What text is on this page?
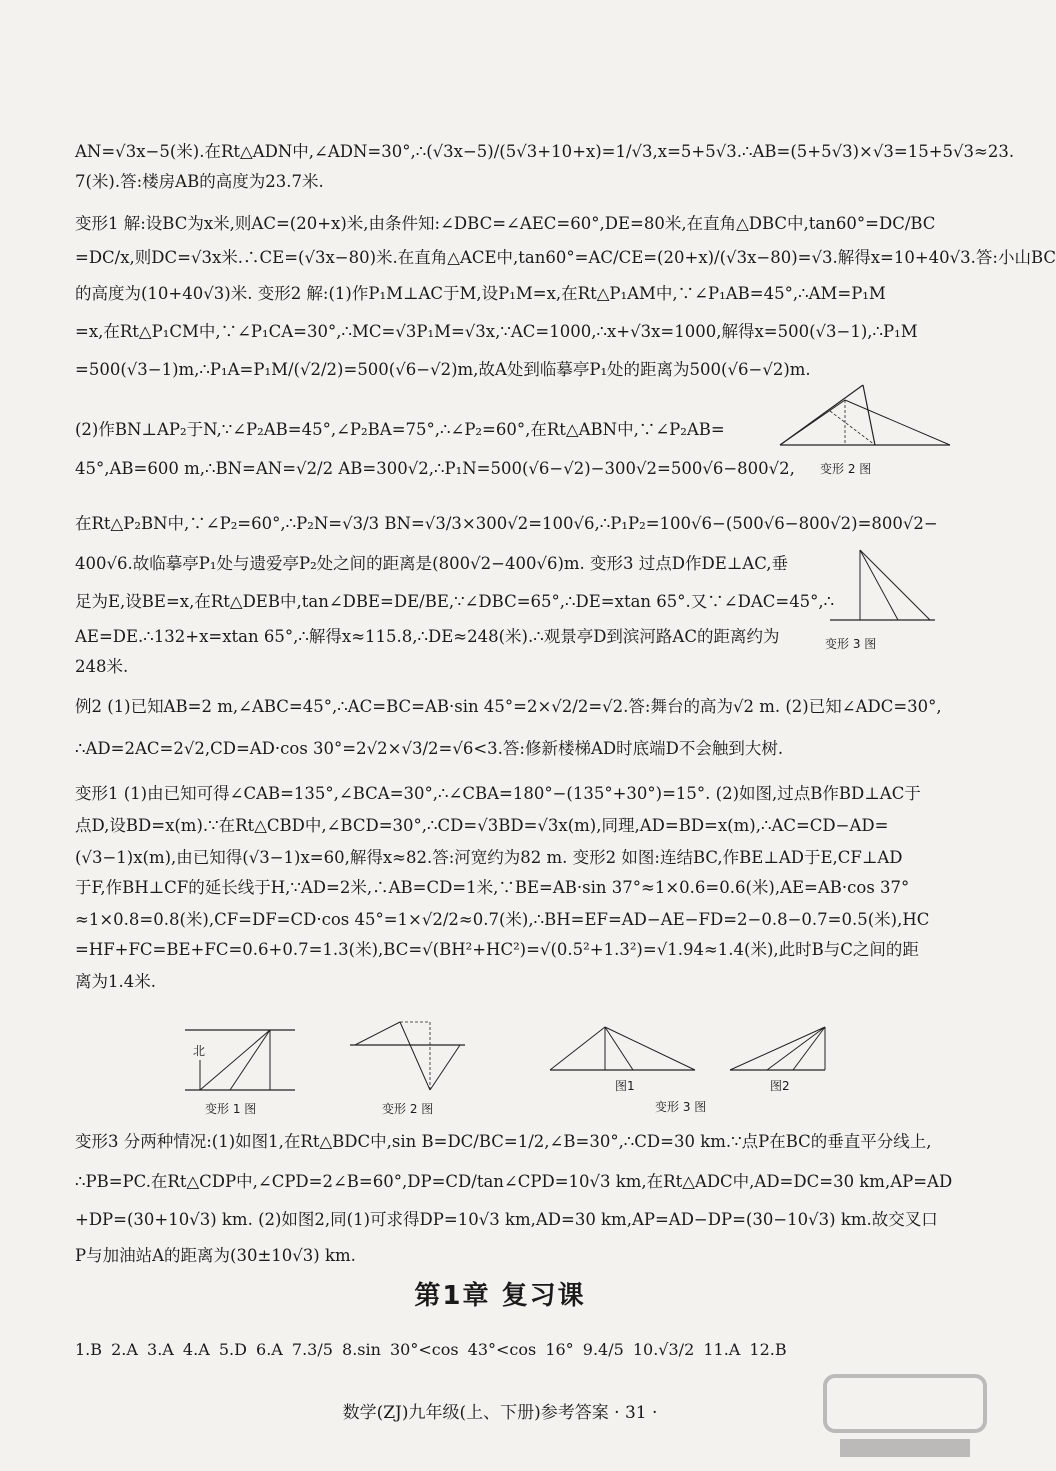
AN=√3x−5(米).在Rt△ADN中,∠ADN=30°,∴(√3x−5)/(5√3+10+x)=1/√3,x=5+5√3.∴AB=(5+5√3)×√3=15+5√3≈23.
7(米).答:楼房AB的高度为23.7米.
变形1 解:设BC为x米,则AC=(20+x)米,由条件知:∠DBC=∠AEC=60°,DE=80米,在直角△DBC中,tan60°=DC/BC
=DC/x,则DC=√3x米.∴CE=(√3x−80)米.在直角△ACE中,tan60°=AC/CE=(20+x)/(√3x−80)=√3.解得x=10+40√3.答:小山BC
的高度为(10+40√3)米. 变形2 解:(1)作P₁M⊥AC于M,设P₁M=x,在Rt△P₁AM中,∵∠P₁AB=45°,∴AM=P₁M
=x,在Rt△P₁CM中,∵∠P₁CA=30°,∴MC=√3P₁M=√3x,∵AC=1000,∴x+√3x=1000,解得x=500(√3−1),∴P₁M
=500(√3−1)m,∴P₁A=P₁M/(√2/2)=500(√6−√2)m,故A处到临摹亭P₁处的距离为500(√6−√2)m.
(2)作BN⊥AP₂于N,∵∠P₂AB=45°,∠P₂BA=75°,∴∠P₂=60°,在Rt△ABN中,∵∠P₂AB=
45°,AB=600 m,∴BN=AN=√2/2 AB=300√2,∴P₁N=500(√6−√2)−300√2=500√6−800√2,
在Rt△P₂BN中,∵∠P₂=60°,∴P₂N=√3/3 BN=√3/3×300√2=100√6,∴P₁P₂=100√6−(500√6−800√2)=800√2−
400√6.故临摹亭P₁处与遗爱亭P₂处之间的距离是(800√2−400√6)m. 变形3 过点D作DE⊥AC,垂
足为E,设BE=x,在Rt△DEB中,tan∠DBE=DE/BE,∵∠DBC=65°,∴DE=xtan 65°.又∵∠DAC=45°,∴
AE=DE.∴132+x=xtan 65°,∴解得x≈115.8,∴DE≈248(米).∴观景亭D到滨河路AC的距离约为
248米.
例2 (1)已知AB=2 m,∠ABC=45°,∴AC=BC=AB·sin 45°=2×√2/2=√2.答:舞台的高为√2 m. (2)已知∠ADC=30°,
∴AD=2AC=2√2,CD=AD·cos 30°=2√2×√3/2=√6<3.答:修新楼梯AD时底端D不会触到大树.
变形1 (1)由已知可得∠CAB=135°,∠BCA=30°,∴∠CBA=180°−(135°+30°)=15°. (2)如图,过点B作BD⊥AC于
点D,设BD=x(m).∵在Rt△CBD中,∠BCD=30°,∴CD=√3BD=√3x(m),同理,AD=BD=x(m),∴AC=CD−AD=
(√3−1)x(m),由已知得(√3−1)x=60,解得x≈82.答:河宽约为82 m. 变形2 如图:连结BC,作BE⊥AD于E,CF⊥AD
于F,作BH⊥CF的延长线于H,∵AD=2米,∴AB=CD=1米,∵BE=AB·sin 37°≈1×0.6=0.6(米),AE=AB·cos 37°
≈1×0.8=0.8(米),CF=DF=CD·cos 45°=1×√2/2≈0.7(米),∴BH=EF=AD−AE−FD=2−0.8−0.7=0.5(米),HC
=HF+FC=BE+FC=0.6+0.7=1.3(米),BC=√(BH²+HC²)=√(0.5²+1.3²)=√1.94≈1.4(米),此时B与C之间的距
离为1.4米.
变形3 分两种情况:(1)如图1,在Rt△BDC中,sin B=DC/BC=1/2,∠B=30°,∴CD=30 km.∵点P在BC的垂直平分线上,
∴PB=PC.在Rt△CDP中,∠CPD=2∠B=60°,DP=CD/tan∠CPD=10√3 km,在Rt△ADC中,AD=DC=30 km,AP=AD
+DP=(30+10√3) km. (2)如图2,同(1)可求得DP=10√3 km,AD=30 km,AP=AD−DP=(30−10√3) km.故交叉口
P与加油站A的距离为(30±10√3) km.
变形 2 图
变形 3 图
北
变形 1 图	变形 2 图
图1	图2
变形 3 图
第1章 复习课
1.B 2.A 3.A 4.A 5.D 6.A 7.3/5 8.sin 30°<cos 43°<cos 16° 9.4/5 10.√3/2 11.A 12.B
数学(ZJ)九年级(上、下册)参考答案 · 31 ·
